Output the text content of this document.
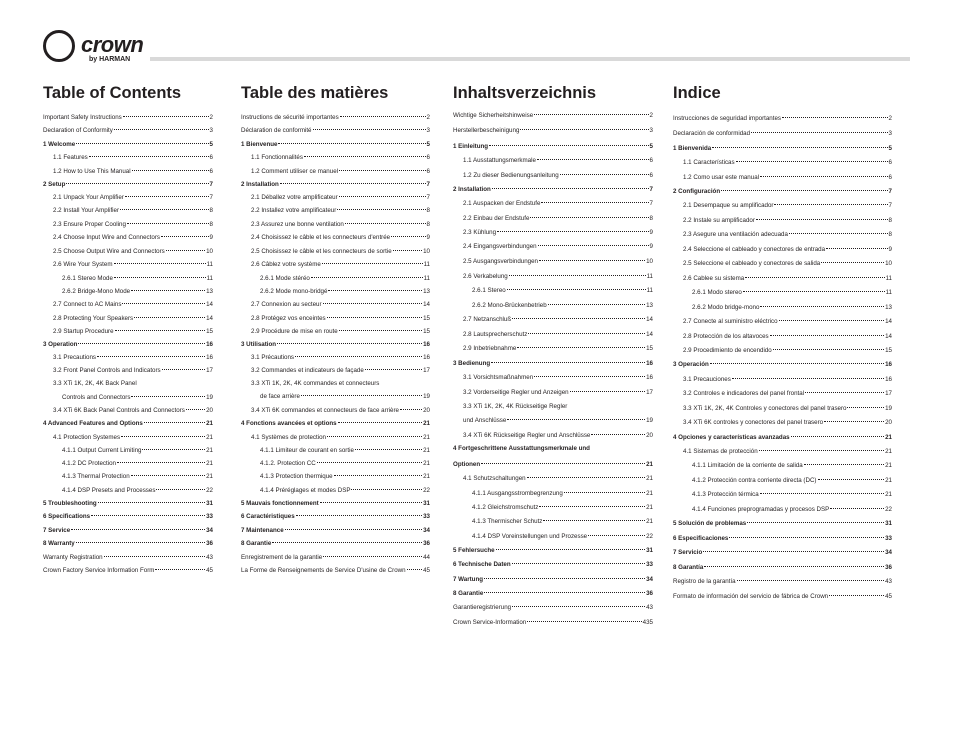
crown
by HARMAN
Table of Contents
Important Safety Instructions	2
Declaration of Conformity	3
1 Welcome	5
1.1 Features	6
1.2 How to Use This Manual	6
2 Setup	7
2.1 Unpack Your Amplifier	7
2.2 Install Your Amplifier	8
2.3 Ensure Proper Cooling	8
2.4 Choose Input Wire and Connectors	9
2.5 Choose Output Wire and Connectors	10
2.6 Wire Your System	11
2.6.1 Stereo Mode	11
2.6.2 Bridge-Mono Mode	13
2.7 Connect to AC Mains	14
2.8 Protecting Your Speakers	14
2.9 Startup Procedure	15
3 Operation	16
3.1 Precautions	16
3.2 Front Panel Controls and Indicators	17
3.3 XTi 1K, 2K, 4K Back Panel
Controls and Connectors	19
3.4 XTi 6K Back Panel Controls and Connectors	20
4 Advanced Features and Options	21
4.1 Protection Systemes	21
4.1.1 Output Current Limiting	21
4.1.2 DC Protection	21
4.1.3 Thermal Protection	21
4.1.4 DSP Presets and Processes	22
5 Troubleshooting	31
6 Specifications	33
7 Service	34
8 Warranty	36
Warranty Registration	43
Crown Factory Service Information Form	45
Table des matières
Instructions de sécurité importantes	2
Déclaration de conformité	3
1 Bienvenue	5
1.1 Fonctionnalités	6
1.2 Comment utiliser ce manuel	6
2 Installation	7
2.1 Déballez votre amplificateur	7
2.2 Installez votre amplificateur	8
2.3 Assurez une bonne ventilation	8
2.4 Choisissez le câble et les connecteurs d'entrée	9
2.5 Choisissez le câble et les connecteurs de sortie	10
2.6 Câblez votre système	11
2.6.1 Mode stéréo	11
2.6.2 Mode mono-bridgé	13
2.7 Connexion au secteur	14
2.8 Protégez vos enceintes	15
2.9 Procédure de mise en route	15
3 Utilisation	16
3.1 Précautions	16
3.2 Commandes et indicateurs de façade	17
3.3 XTi 1K, 2K, 4K commandes et connecteurs
de face arrière	19
3.4 XTi 6K commandes et connecteurs de face arrière	20
4 Fonctions avancées et options	21
4.1 Systèmes de protection	21
4.1.1 Limiteur de courant en sortie	21
4.1.2. Protection CC	21
4.1.3 Protection thermique	21
4.1.4 Préréglages et modes DSP	22
5 Mauvais fonctionnement	31
6 Caractéristiques	33
7 Maintenance	34
8 Garantie	36
Enregistrement de la garantie	44
La Forme de Renseignements de Service D'usine de Crown	45
Inhaltsverzeichnis
Wichtige Sicherheitshinweise	2
Herstellerbescheinigung	3
1 Einleitung	5
1.1 Ausstattungsmerkmale	6
1.2 Zu dieser Bedienungsanleitung	6
2 Installation	7
2.1 Auspacken der Endstufe	7
2.2 Einbau der Endstufe	8
2.3 Kühlung	9
2.4 Eingangsverbindungen	9
2.5 Ausgangsverbindungen	10
2.6 Verkabelung	11
2.6.1 Stereo	11
2.6.2 Mono-Brückenbetrieb	13
2.7 Netzanschluß	14
2.8 Lautsprecherschutz	14
2.9 Inbetriebnahme	15
3 Bedienung	16
3.1 Vorsichtsmaßnahmen	16
3.2 Vorderseitige Regler und Anzeigen	17
3.3 XTi 1K, 2K, 4K Rückseitige Regler
und Anschlüsse	19
3.4 XTi 6K Rückseitige Regler und Anschlüsse	20
4 Fortgeschrittene Ausstattungsmerkmale und
Optionen	21
4.1 Schutzschaltungen	21
4.1.1 Ausgangsstrombegrenzung	21
4.1.2 Gleichstromschutz	21
4.1.3 Thermischer Schutz	21
4.1.4 DSP Voreinstellungen und Prozesse	22
5 Fehlersuche	31
6 Technische Daten	33
7 Wartung	34
8 Garantie	36
Garantieregistrierung	43
Crown Service-Information	435
Indice
Instrucciones de seguridad importantes	2
Declaración de conformidad	3
1 Bienvenida	5
1.1 Características	6
1.2 Como usar este manual	6
2 Configuración	7
2.1 Desempaque su amplificador	7
2.2 Instale su amplificador	8
2.3 Asegure una ventilación adecuada	8
2.4 Seleccione el cableado y conectores de entrada	9
2.5 Seleccione el cableado y conectores de salida	10
2.6 Cablee su sistema	11
2.6.1 Modo stereo	11
2.6.2 Modo bridge-mono	13
2.7 Conecte al suministro eléctrico	14
2.8 Protección de los altavoces	14
2.9 Procedimiento de encendido	15
3 Operación	16
3.1 Precauciones	16
3.2 Controles e indicadores del panel frontal	17
3.3 XTi 1K, 2K, 4K Controles y conectores del panel trasero	19
3.4 XTi 6K controles y conectores del panel trasero	20
4 Opciones y características avanzadas	21
4.1 Sistemas de protección	21
4.1.1 Limitación de la corriente de salida	21
4.1.2 Protección contra corriente directa (DC)	21
4.1.3 Protección térmica	21
4.1.4 Funciones preprogramadas y procesos DSP	22
5 Solución de problemas	31
6 Especificaciones	33
7 Servicio	34
8 Garantía	36
Registro de la garantía	43
Formato de información del servicio de fábrica de Crown	45
